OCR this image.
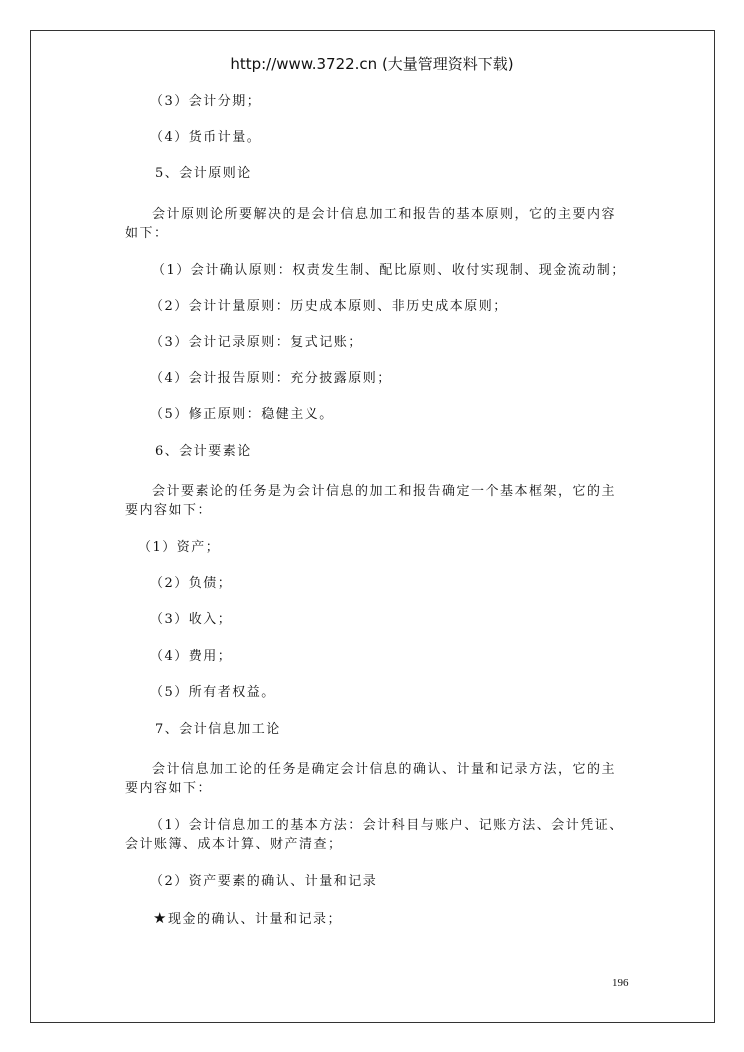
http://www.3722.cn (大量管理资料下载)
（3）会计分期；
（4）货币计量。
5、会计原则论
会计原则论所要解决的是会计信息加工和报告的基本原则，它的主要内容
如下：
（1）会计确认原则：权责发生制、配比原则、收付实现制、现金流动制；
（2）会计计量原则：历史成本原则、非历史成本原则；
（3）会计记录原则：复式记账；
（4）会计报告原则：充分披露原则；
（5）修正原则：稳健主义。
6、会计要素论
会计要素论的任务是为会计信息的加工和报告确定一个基本框架，它的主
要内容如下：
（1）资产；
（2）负债；
（3）收入；
（4）费用；
（5）所有者权益。
7、会计信息加工论
会计信息加工论的任务是确定会计信息的确认、计量和记录方法，它的主
要内容如下：
（1）会计信息加工的基本方法：会计科目与账户、记账方法、会计凭证、
会计账簿、成本计算、财产清查；
（2）资产要素的确认、计量和记录
★现金的确认、计量和记录；
196
